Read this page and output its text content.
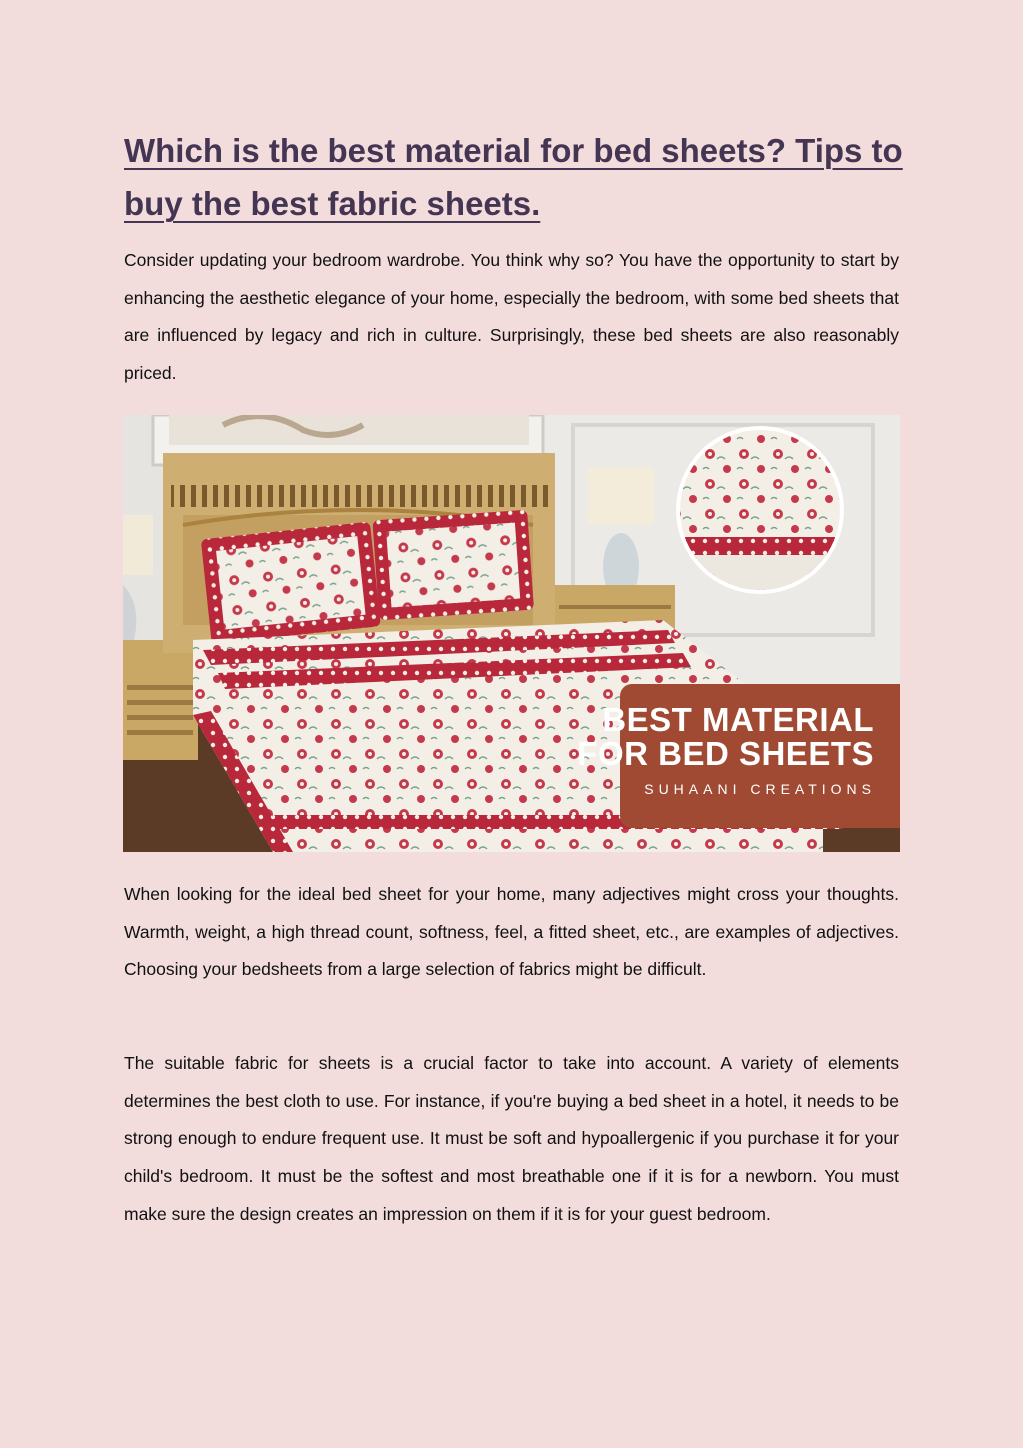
Which is the best material for bed sheets? Tips to buy the best fabric sheets.

Consider updating your bedroom wardrobe. You think why so? You have the opportunity to start by enhancing the aesthetic elegance of your home, especially the bedroom, with some bed sheets that are influenced by legacy and rich in culture. Surprisingly, these bed sheets are also reasonably priced.

BEST MATERIAL
FOR BED SHEETS
SUHAANI CREATIONS

When looking for the ideal bed sheet for your home, many adjectives might cross your thoughts. Warmth, weight, a high thread count, softness, feel, a fitted sheet, etc., are examples of adjectives. Choosing your bedsheets from a large selection of fabrics might be difficult.

The suitable fabric for sheets is a crucial factor to take into account. A variety of elements determines the best cloth to use. For instance, if you're buying a bed sheet in a hotel, it needs to be strong enough to endure frequent use. It must be soft and hypoallergenic if you purchase it for your child's bedroom. It must be the softest and most breathable one if it is for a newborn. You must make sure the design creates an impression on them if it is for your guest bedroom.
